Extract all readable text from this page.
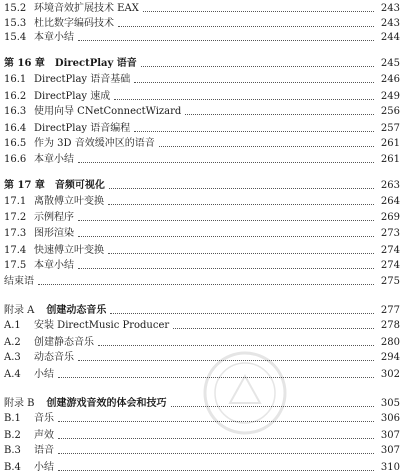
15.2 环境音效扩展技术 EAX	243
15.3 杜比数字编码技术	243
15.4 本章小结	244
第 16 章 DirectPlay 语音	245
16.1 DirectPlay 语音基础	246
16.2 DirectPlay 速成	249
16.3 使用向导 CNetConnectWizard	256
16.4 DirectPlay 语音编程	257
16.5 作为 3D 音效缓冲区的语音	261
16.6 本章小结	261
第 17 章 音频可视化	263
17.1 离散傅立叶变换	264
17.2 示例程序	269
17.3 图形渲染	273
17.4 快速傅立叶变换	274
17.5 本章小结	274
结束语	275
附录 A 创建动态音乐	277
A.1	安装 DirectMusic Producer	278
A.2	创建静态音乐	280
A.3	动态音乐	294
A.4	小结	302
附录 B 创建游戏音效的体会和技巧	305
B.1	音乐	306
B.2	声效	307
B.3	语音	307
B.4	小结	310
